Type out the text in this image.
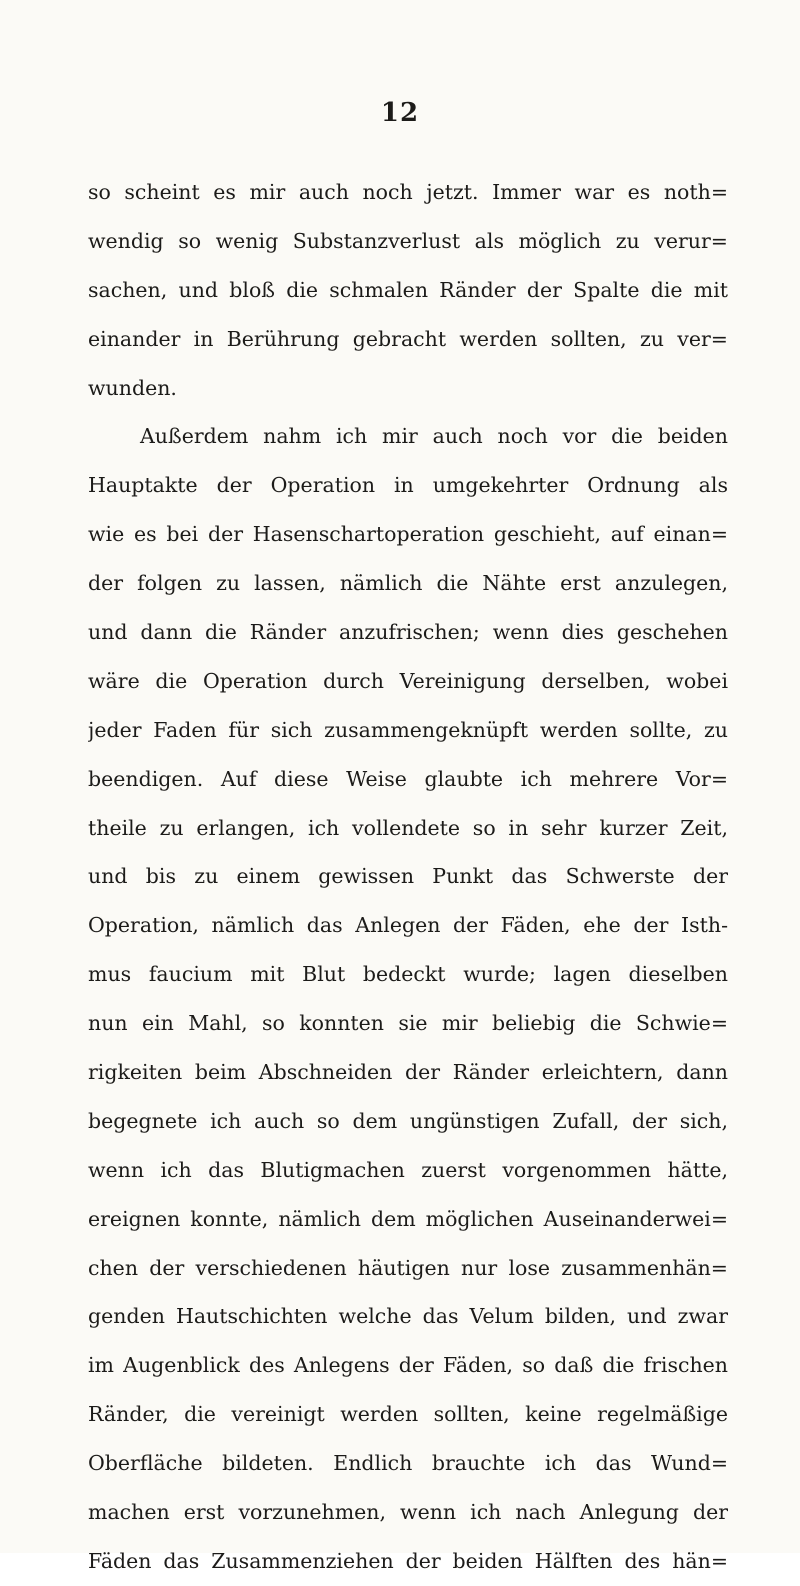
12
so scheint es mir auch noch jetzt. Immer war es noth=
wendig so wenig Substanzverlust als möglich zu verur=
sachen, und bloß die schmalen Ränder der Spalte die mit
einander in Berührung gebracht werden sollten, zu ver=
wunden.
Außerdem nahm ich mir auch noch vor die beiden
Hauptakte der Operation in umgekehrter Ordnung als
wie es bei der Hasenschartoperation geschieht, auf einan=
der folgen zu lassen, nämlich die Nähte erst anzulegen,
und dann die Ränder anzufrischen; wenn dies geschehen
wäre die Operation durch Vereinigung derselben, wobei
jeder Faden für sich zusammengeknüpft werden sollte, zu
beendigen. Auf diese Weise glaubte ich mehrere Vor=
theile zu erlangen, ich vollendete so in sehr kurzer Zeit,
und bis zu einem gewissen Punkt das Schwerste der
Operation, nämlich das Anlegen der Fäden, ehe der Isth-
mus faucium mit Blut bedeckt wurde; lagen dieselben
nun ein Mahl, so konnten sie mir beliebig die Schwie=
rigkeiten beim Abschneiden der Ränder erleichtern, dann
begegnete ich auch so dem ungünstigen Zufall, der sich,
wenn ich das Blutigmachen zuerst vorgenommen hätte,
ereignen konnte, nämlich dem möglichen Auseinanderwei=
chen der verschiedenen häutigen nur lose zusammenhän=
genden Hautschichten welche das Velum bilden, und zwar
im Augenblick des Anlegens der Fäden, so daß die frischen
Ränder, die vereinigt werden sollten, keine regelmäßige
Oberfläche bildeten. Endlich brauchte ich das Wund=
machen erst vorzunehmen, wenn ich nach Anlegung der
Fäden das Zusammenziehen der beiden Hälften des hän=
